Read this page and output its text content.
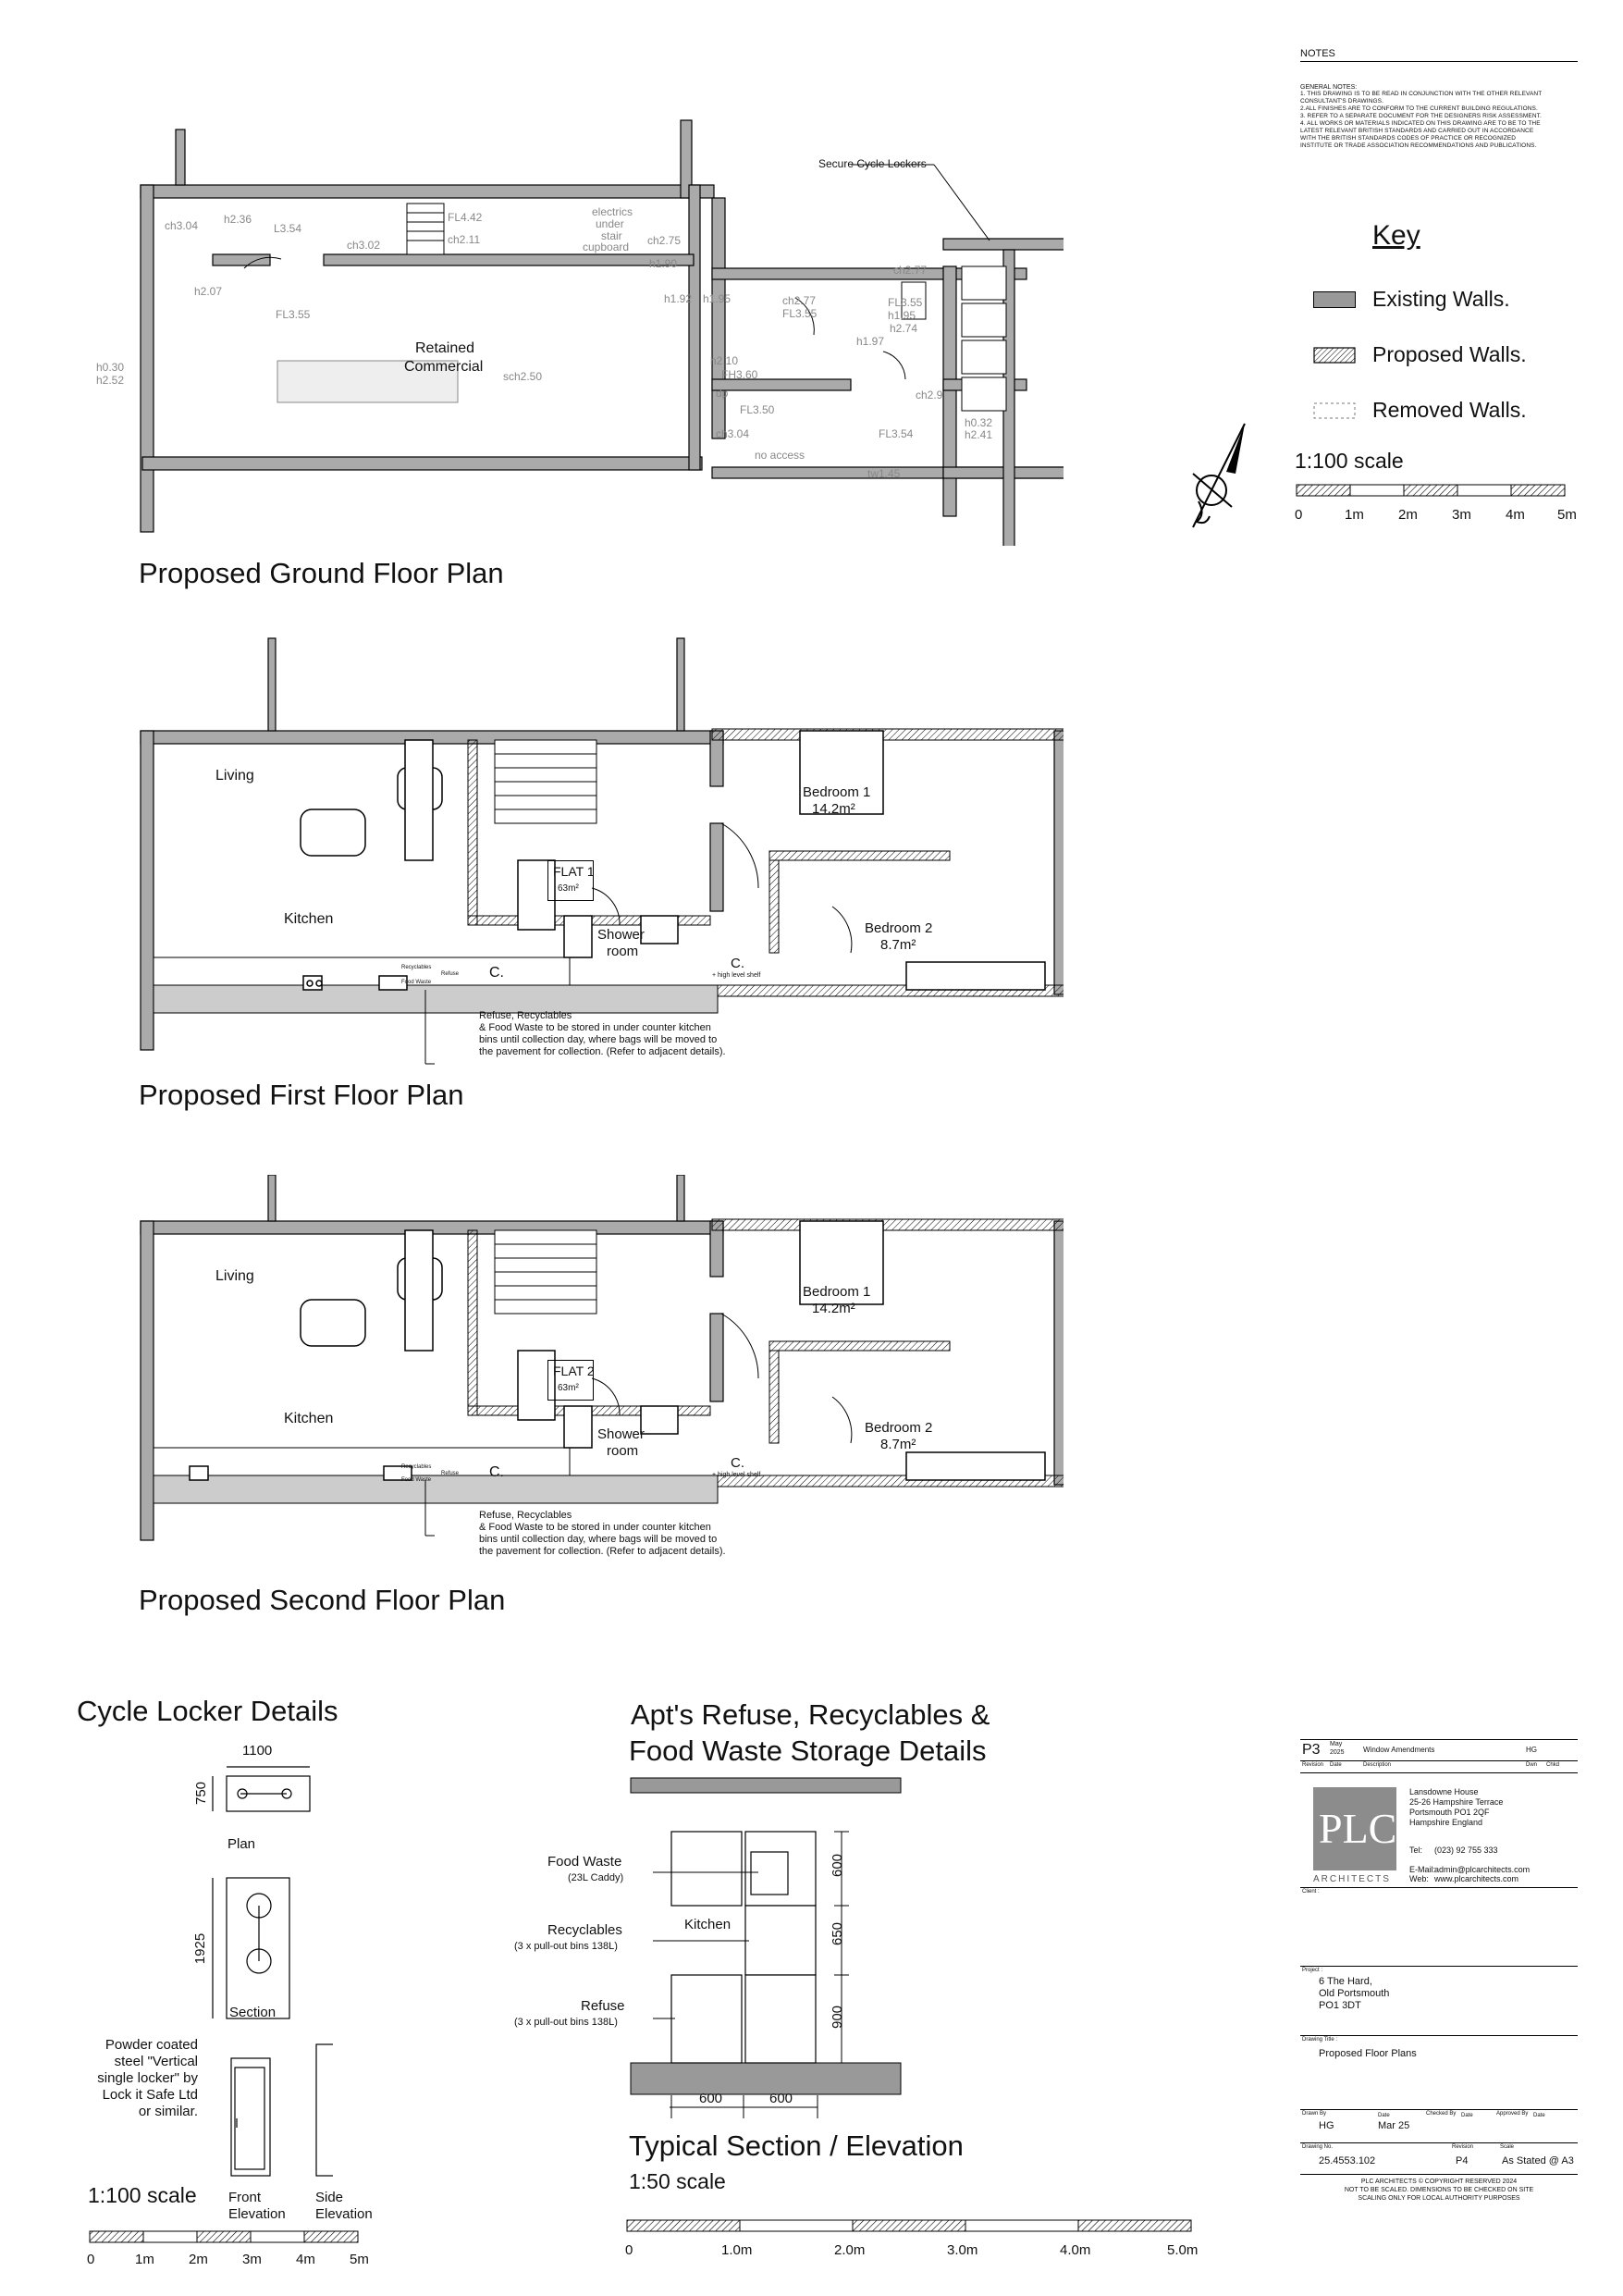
NOTES
GENERAL NOTES:
1. THIS DRAWING IS TO BE READ IN CONJUNCTION WITH THE OTHER RELEVANT
CONSULTANT'S DRAWINGS.
2.ALL FINISHES ARE TO CONFORM TO THE CURRENT BUILDING REGULATIONS.
3. REFER TO A SEPARATE DOCUMENT FOR THE DESIGNERS RISK ASSESSMENT.
4. ALL WORKS OR MATERIALS INDICATED ON THIS DRAWING ARE TO BE TO THE
LATEST RELEVANT BRITISH STANDARDS AND CARRIED OUT IN ACCORDANCE
WITH THE BRITISH STANDARDS CODES OF PRACTICE OR RECOGNIZED
INSTITUTE OR TRADE ASSOCIATION RECOMMENDATIONS AND PUBLICATIONS.
Key
Existing Walls.
Proposed Walls.
Removed Walls.
1:100 scale
0	1m 2m 3m 4m 5m
Secure Cycle Lockers
Retained
Commercial
ch3.04 h2.36
L3.54
FL4.42
ch2.11
electrics
under
stair
cupboard ch2.75
h1.90
ch3.02
h2.07
FL3.55
sch2.50
h0.30
h2.52
h1.92 h1.95	ch2.77
FL3.55
FL3.55
h1.95
h2.74
ch2.77
h1.97
h2.10
FH3.60
FL3.50
ch3.04
no access
FL3.54
ch2.9
h0.32
h2.41
tw1.45
dp
Proposed Ground Floor Plan
FLAT 1
63m²
Living
Kitchen
Bedroom 1
14.2m²
Bedroom 2
8.7m²
Shower
room
C.
C.
+ high level shelf
Recyclables
Food Waste
Refuse
Refuse, Recyclables
& Food Waste to be stored in under counter kitchen
bins until collection day, where bags will be moved to
the pavement for collection. (Refer to adjacent details).
Proposed First Floor Plan
FLAT 2
63m²
Living
Kitchen
Bedroom 1
14.2m²
Bedroom 2
8.7m²
Shower
room
C.
C.
+ high level shelf
Recyclables
Food Waste
Refuse
Refuse, Recyclables
& Food Waste to be stored in under counter kitchen
bins until collection day, where bags will be moved to
the pavement for collection. (Refer to adjacent details).
Proposed Second Floor Plan
Cycle Locker Details
1100
750
Plan
1925
Section
Powder coated
steel "Vertical
single locker" by
Lock it Safe Ltd
or similar.
Front
Elevation
Side
Elevation
1:100 scale
0	1m 2m 3m 4m 5m
Apt's Refuse, Recyclables &
Food Waste Storage Details
Food Waste
(23L Caddy)
Recyclables
(3 x pull-out bins 138L)
Refuse
(3 x pull-out bins 138L)
Kitchen
600
650
900
600	600
Typical Section / Elevation
1:50 scale
0	1.0m	2.0m	3.0m	4.0m	5.0m
P3 May
2025	Window Amendments	HG
Revision Date	Description	Dwn Chkd
PLC
ARCHITECTS
Lansdowne House
25-26 Hampshire Terrace
Portsmouth PO1 2QF
Hampshire England
Tel: (023) 92 755 333
E-Mail:
admin@plcarchitects.com
Web: www.plcarchitects.com
Client :
Project :
6 The Hard,
Old Portsmouth
PO1 3DT
Drawing Title :
Proposed Floor Plans
Drawn By
HG
Date
Mar 25
Checked By Date	Approved By Date
Drawing No.
25.4553.102
Revision
P4
Scale
As Stated @ A3
PLC ARCHITECTS © COPYRIGHT RESERVED 2024
NOT TO BE SCALED. DIMENSIONS TO BE CHECKED ON SITE
SCALING ONLY FOR LOCAL AUTHORITY PURPOSES
